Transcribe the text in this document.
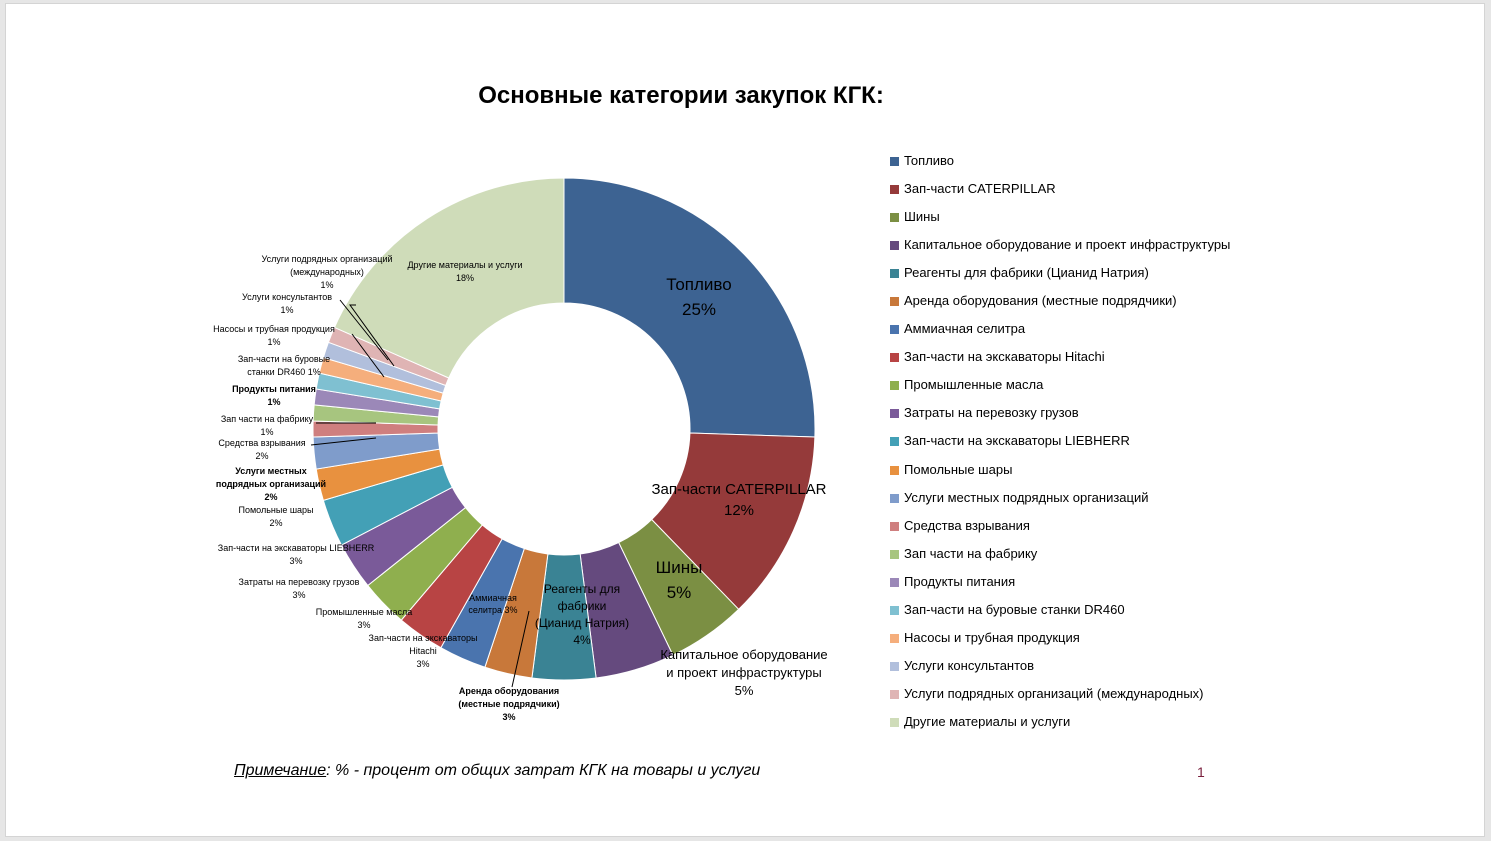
Основные категории закупок КГК:
Топливо 25%
Зап-части CATERPILLAR 12%
Шины 5%
Капитальное оборудование и проект инфраструктуры 5%
Реагенты для фабрики (Цианид Натрия) 4%
Аренда оборудования (местные подрядчики) 3%
Аммиачная селитра 3%
Зап-части на экскаваторы Hitachi 3%
Промышленные масла 3%
Затраты на перевозку грузов 3%
Зап-части на экскаваторы LIEBHERR 3%
Помольные шары 2%
Услуги местных подрядных организаций 2%
Средства взрывания 2%
Зап части на фабрику 1%
Продукты питания 1%
Зап-части на буровые станки DR460 1%
Насосы и трубная продукция 1%
Услуги консультантов 1%
Услуги подрядных организаций (международных) 1%
Другие материалы и услуги 18%
Топливо
Зап-части CATERPILLAR
Шины
Капитальное оборудование и проект инфраструктуры
Реагенты для фабрики (Цианид Натрия)
Аренда оборудования (местные подрядчики)
Аммиачная селитра
Зап-части на экскаваторы Hitachi
Промышленные масла
Затраты на перевозку грузов
Зап-части на экскаваторы LIEBHERR
Помольные шары
Услуги местных подрядных организаций
Средства взрывания
Зап части на фабрику
Продукты питания
Зап-части на буровые станки DR460
Насосы и трубная продукция
Услуги консультантов
Услуги подрядных организаций (международных)
Другие материалы и услуги
Примечание: % - процент от общих затрат КГК на товары и услуги	1
